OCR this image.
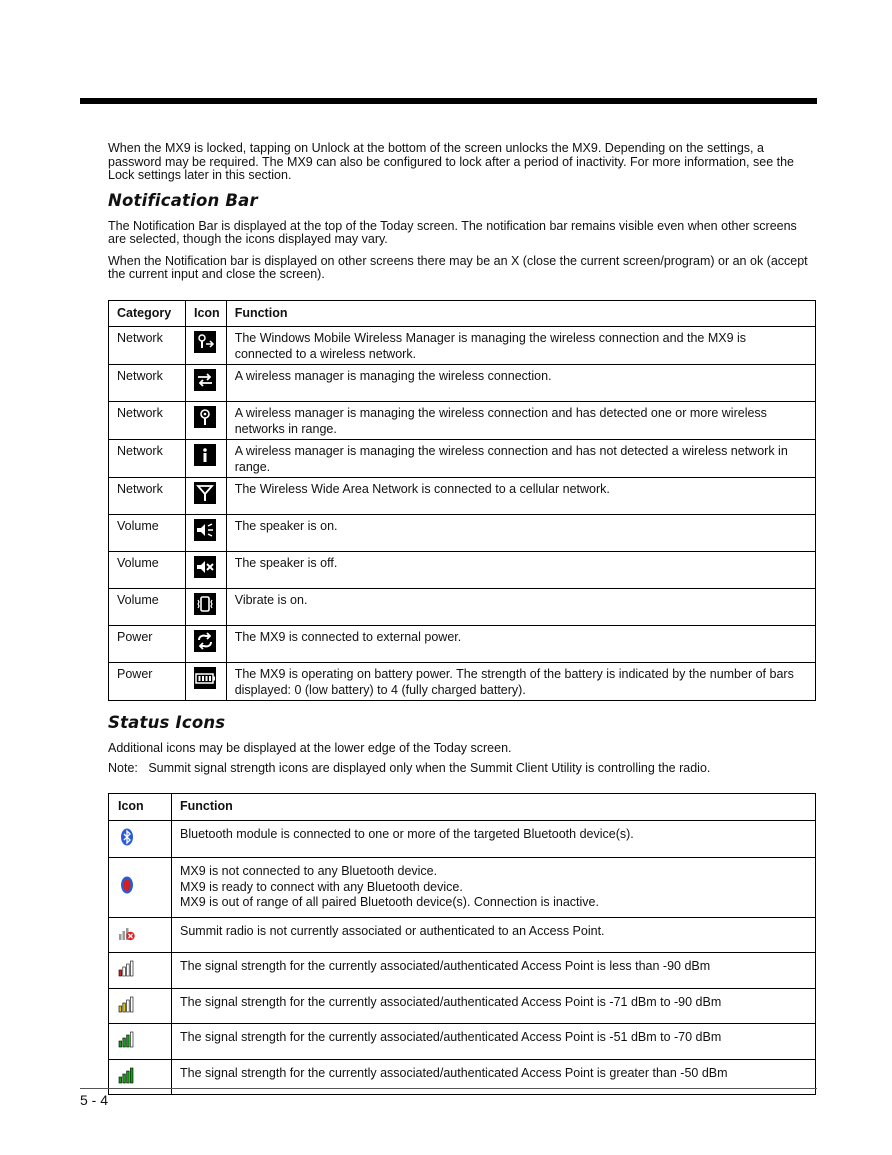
When the MX9 is locked, tapping on Unlock at the bottom of the screen unlocks the MX9. Depending on the settings, a password may be required. The MX9 can also be configured to lock after a period of inactivity. For more information, see the Lock settings later in this section.

Notification Bar

The Notification Bar is displayed at the top of the Today screen. The notification bar remains visible even when other screens are selected, though the icons displayed may vary.

When the Notification bar is displayed on other screens there may be an X (close the current screen/program) or an ok (accept the current input and close the screen).

Category	Icon	Function
Network		The Windows Mobile Wireless Manager is managing the wireless connection and the MX9 is connected to a wireless network.
Network		A wireless manager is managing the wireless connection.
Network		A wireless manager is managing the wireless connection and has detected one or more wireless networks in range.
Network		A wireless manager is managing the wireless connection and has not detected a wireless network in range.
Network		The Wireless Wide Area Network is connected to a cellular network.
Volume		The speaker is on.
Volume		The speaker is off.
Volume		Vibrate is on.
Power		The MX9 is connected to external power.
Power		The MX9 is operating on battery power. The strength of the battery is indicated by the number of bars displayed: 0 (low battery) to 4 (fully charged battery).
Status Icons

Additional icons may be displayed at the lower edge of the Today screen.

Note: Summit signal strength icons are displayed only when the Summit Client Utility is controlling the radio.

Icon	Function

Bluetooth module is connected to one or more of the targeted Bluetooth device(s).

MX9 is not connected to any Bluetooth device.
MX9 is ready to connect with any Bluetooth device.
MX9 is out of range of all paired Bluetooth device(s). Connection is inactive.

Summit radio is not currently associated or authenticated to an Access Point.

The signal strength for the currently associated/authenticated Access Point is less than -90 dBm

The signal strength for the currently associated/authenticated Access Point is -71 dBm to -90 dBm

The signal strength for the currently associated/authenticated Access Point is -51 dBm to -70 dBm

The signal strength for the currently associated/authenticated Access Point is greater than -50 dBm
5 - 4
